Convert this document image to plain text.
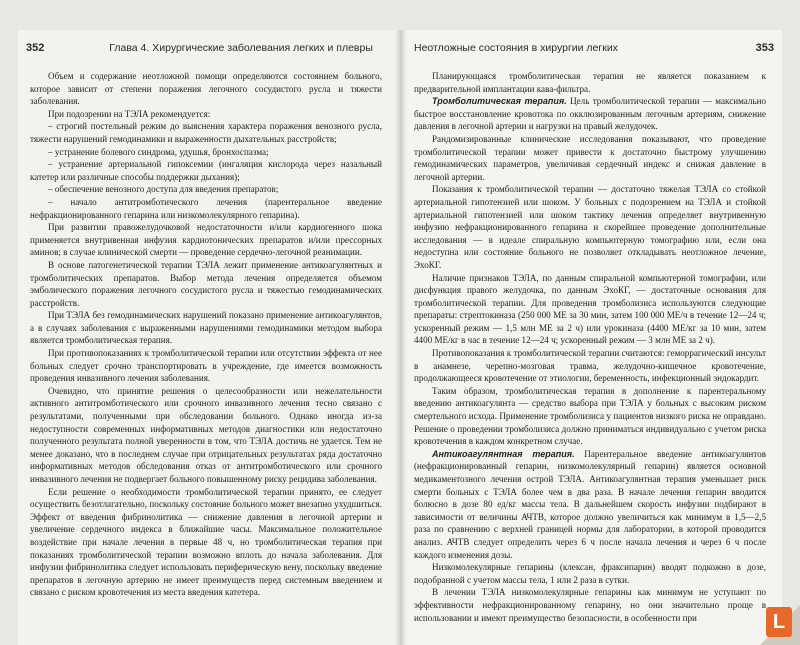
352	Глава 4. Хирургические заболевания легких и плевры

Объем и содержание неотложной помощи определяются состоянием больного, которое зависит от степени поражения легочного сосудистого русла и тяжести заболевания.

При подозрении на ТЭЛА рекомендуется:

– строгий постельный режим до выяснения характера поражения венозного русла, тяжести нарушений гемодинамики и выраженности дыхательных расстройств;

– устранение болевого синдрома, удушья, бронхоспазма;

– устранение артериальной гипоксемии (ингаляция кислорода через назальный катетер или различные способы поддержки дыхания);

– обеспечение венозного доступа для введения препаратов;

– начало антитромботического лечения (парентеральное введение нефракционированного гепарина или низкомолекулярного гепарина).

При развитии правожелудочковой недостаточности и/или кардиогенного шока применяется внутривенная инфузия кардиотонических препаратов и/или прессорных аминов; в случае клинической смерти — проведение сердечно-легочной реанимации.

В основе патогенетической терапии ТЭЛА лежит применение антикоагулянтных и тромболитических препаратов. Выбор метода лечения определяется объемом эмболического поражения легочного сосудистого русла и тяжестью гемодинамических расстройств.

При ТЭЛА без гемодинамических нарушений показано применение антикоагулянтов, а в случаях заболевания с выраженными нарушениями гемодинамики методом выбора является тромболитическая терапия.

При противопоказаниях к тромболитической терапии или отсутствии эффекта от нее больных следует срочно транспортировать в учреждение, где имеется возможность проведения инвазивного лечения заболевания.

Очевидно, что принятие решения о целесообразности или нежелательности активного антитромботического или срочного инвазивного лечения тесно связано с результатами, полученными при обследовании больного. Однако иногда из-за недоступности современных информативных методов диагностики или недостаточно полученного результата полной уверенности в том, что ТЭЛА достичь не удается. Тем не менее доказано, что в последнем случае при отрицательных результатах ряда достаточно информативных методов обследования отказ от антитромботического или срочного инвазивного лечения не подвергает больного повышенному риску рецидива заболевания.

Если решение о необходимости тромболитической терапии принято, ее следует осуществить безотлагательно, поскольку состояние больного может внезапно ухудшиться. Эффект от введения фибринолитика — снижение давления в легочной артерии и увеличение сердечного индекса в ближайшие часы. Максимальное положительное воздействие при начале лечения в первые 48 ч, но тромболитическая терапия при показаниях тромболитической терапии возможно вплоть до начала заболевания. Для инфузии фибринолитика следует использовать периферическую вену, поскольку введение препаратов в легочную артерию не имеет преимуществ перед системным введением и связано с риском кровотечения из места введения катетера.

Неотложные состояния в хирургии легких	353

Планирующаяся тромболитическая терапия не является показанием к предварительной имплантации кава-фильтра.

Тромболитическая терапия. Цель тромболитической терапии — максимально быстрое восстановление кровотока по окклюзированным легочным артериям, снижение давления в легочной артерии и нагрузки на правый желудочек.

Рандомизированные клинические исследования показывают, что проведение тромболитической терапии может привести к достаточно быстрому улучшению гемодинамических параметров, увеличивая сердечный индекс и снижая давление в легочной артерии.

Показания к тромболитической терапии — достаточно тяжелая ТЭЛА со стойкой артериальной гипотензией или шоком. У больных с подозрением на ТЭЛА и стойкой артериальной гипотензией или шоком тактику лечения определяет внутривенную инфузию нефракционированного гепарина и скорейшее проведение дополнительные исследования — в идеале спиральную компьютерную томографию или, если она недоступна или состояние больного не позволяет откладывать неотложное лечение, ЭхоКГ.

Наличие признаков ТЭЛА, по данным спиральной компьютерной томографии, или дисфункция правого желудочка, по данным ЭхоКГ, — достаточные основания для тромболитической терапии. Для проведения тромболизиса используются следующие препараты: стрептокиназа (250 000 МЕ за 30 мин, затем 100 000 МЕ/ч в течение 12—24 ч; ускоренный режим — 1,5 млн МЕ за 2 ч) или урокиназа (4400 МЕ/кг за 10 мин, затем 4400 МЕ/кг в час в течение 12—24 ч; ускоренный режим — 3 млн МЕ за 2 ч).

Противопоказания к тромболитической терапии считаются: геморрагический инсульт в анамнезе, черепно-мозговая травма, желудочно-кишечное кровотечение, продолжающееся кровотечение от этиологии, беременность, инфекционный эндокардит.

Таким образом, тромболитическая терапия в дополнение к парентеральному введению антикоагулянта — средство выбора при ТЭЛА у больных с высоким риском смертельного исхода. Применение тромболизиса у пациентов низкого риска не оправдано. Решение о проведении тромболизиса должно приниматься индивидуально с учетом риска кровотечения в каждом конкретном случае.

Антикоагулянтная терапия. Парентеральное введение антикоагулянтов (нефракционированный гепарин, низкомолекулярный гепарин) является основной медикаментозного лечения острой ТЭЛА. Антикоагулянтная терапия уменьшает риск смерти больных с ТЭЛА более чем в два раза. В начале лечения гепарин вводится болюсно в дозе 80 ед/кг массы тела. В дальнейшем скорость инфузии подбирают в зависимости от величины АЧТВ, которое должно увеличиться как минимум в 1,5—2,5 раза по сравнению с верхней границей нормы для лаборатории, в которой проводится анализ. АЧТВ следует определить через 6 ч после начала лечения и через 6 ч после каждого изменения дозы.

Низкомолекулярные гепарины (клексан, фраксипарин) вводят подкожно в дозе, подобранной с учетом массы тела, 1 или 2 раза в сутки.

В лечении ТЭЛА низкомолекулярные гепарины как минимум не уступают по эффективности нефракционированному гепарину, но они значительно проще в использовании и имеют преимущество безопасности, в особенности при	L
